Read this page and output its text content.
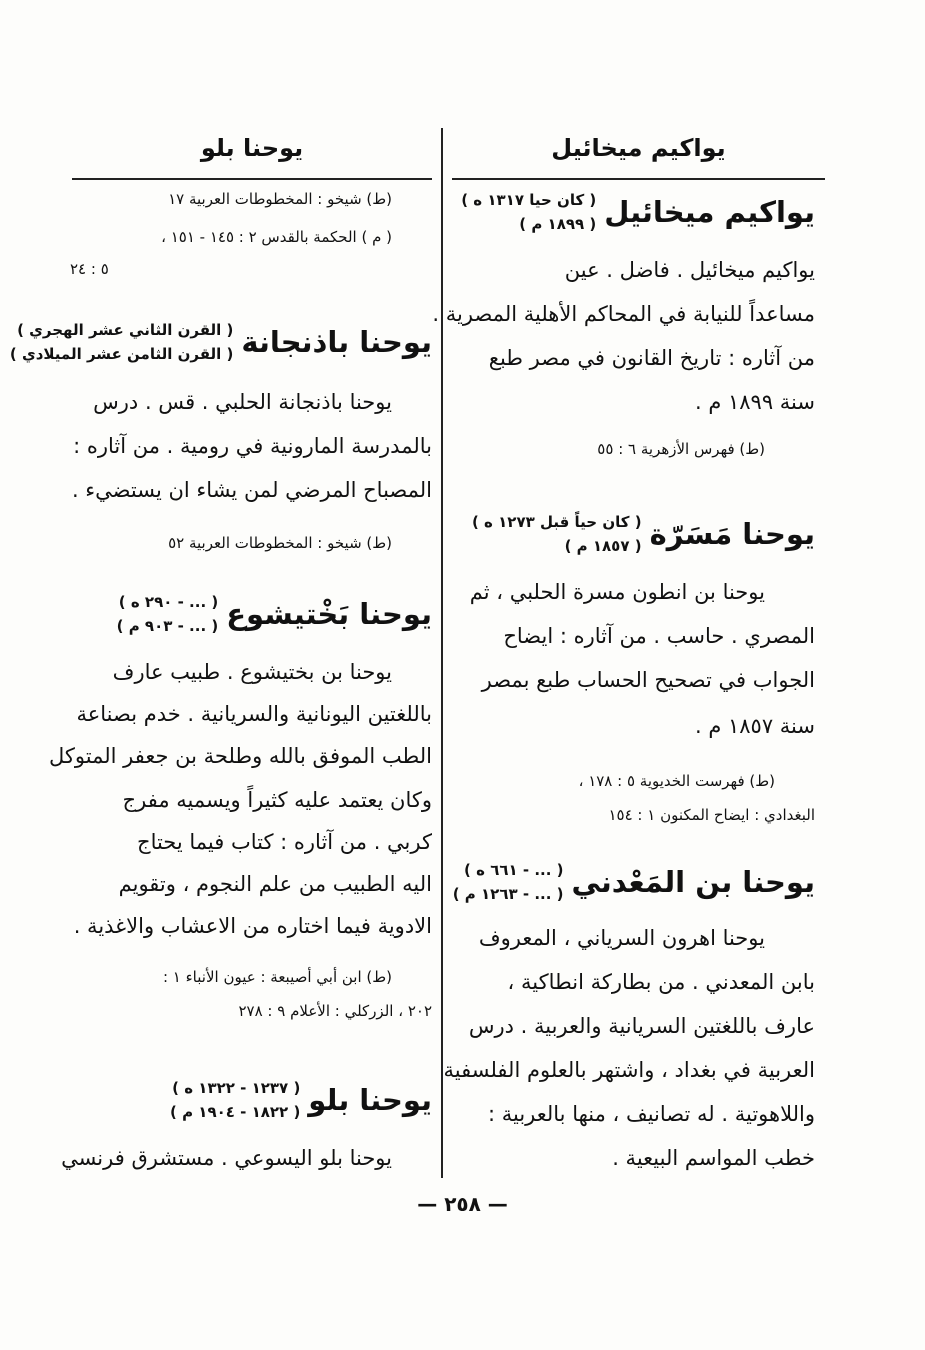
يواكيم ميخائيل
يوحنا بلو
يواكيم ميخائيل
( كان حيا ١٣١٧ ه )
( ١٨٩٩ م )
يواكيم ميخائيل . فاضل . عين
مساعداً للنيابة في المحاكم الأهلية المصرية .
من آثاره : تاريخ القانون في مصر طبع
سنة ١٨٩٩ م .
(ط) فهرس الأزهرية ٦ : ٥٥
يوحنا مَسَرّة
( كان حياً قبل ١٢٧٣ ه )
( ١٨٥٧ م )
يوحنا بن انطون مسرة الحلبي ، ثم
المصري . حاسب . من آثاره : ايضاح
الجواب في تصحيح الحساب طبع بمصر
سنة ١٨٥٧ م .
(ط) فهرست الخديوية ٥ : ١٧٨ ،
البغدادي : ايضاح المكنون ١ : ١٥٤
يوحنا بن المَعْدني
( ... - ٦٦١ ه )
( ... - ١٢٦٣ م )
يوحنا اهرون السرياني ، المعروف
بابن المعدني . من بطاركة انطاكية ،
عارف باللغتين السريانية والعربية . درس
العربية في بغداد ، واشتهر بالعلوم الفلسفية
واللاهوتية . له تصانيف ، منها بالعربية :
خطب المواسم البيعية .
(ط) شيخو : المخطوطات العربية ١٧
( م ) الحكمة بالقدس ٢ : ١٤٥ - ١٥١ ،
٥ : ٢٤
يوحنا باذنجانة
( القرن الثاني عشر الهجري )
( القرن الثامن عشر الميلادي )
يوحنا باذنجانة الحلبي . قس . درس
بالمدرسة المارونية في رومية . من آثاره :
المصباح المرضي لمن يشاء ان يستضيء .
(ط) شيخو : المخطوطات العربية ٥٢
يوحنا بَخْتيشوع
( ... - ٢٩٠ ه )
( ... - ٩٠٣ م )
يوحنا بن بختيشوع . طبيب عارف
باللغتين اليونانية والسريانية . خدم بصناعة
الطب الموفق بالله وطلحة بن جعفر المتوكل
وكان يعتمد عليه كثيراً ويسميه مفرج
كربي . من آثاره : كتاب فيما يحتاج
اليه الطبيب من علم النجوم ، وتقويم
الادوية فيما اختاره من الاعشاب والاغذية .
(ط) ابن أبي أصيبعة : عيون الأنباء ١ :
٢٠٢ ، الزركلي : الأعلام ٩ : ٢٧٨
يوحنا بلو
( ١٢٣٧ - ١٣٢٢ ه )
( ١٨٢٢ - ١٩٠٤ م )
يوحنا بلو اليسوعي . مستشرق فرنسي
— ٢٥٨ —
